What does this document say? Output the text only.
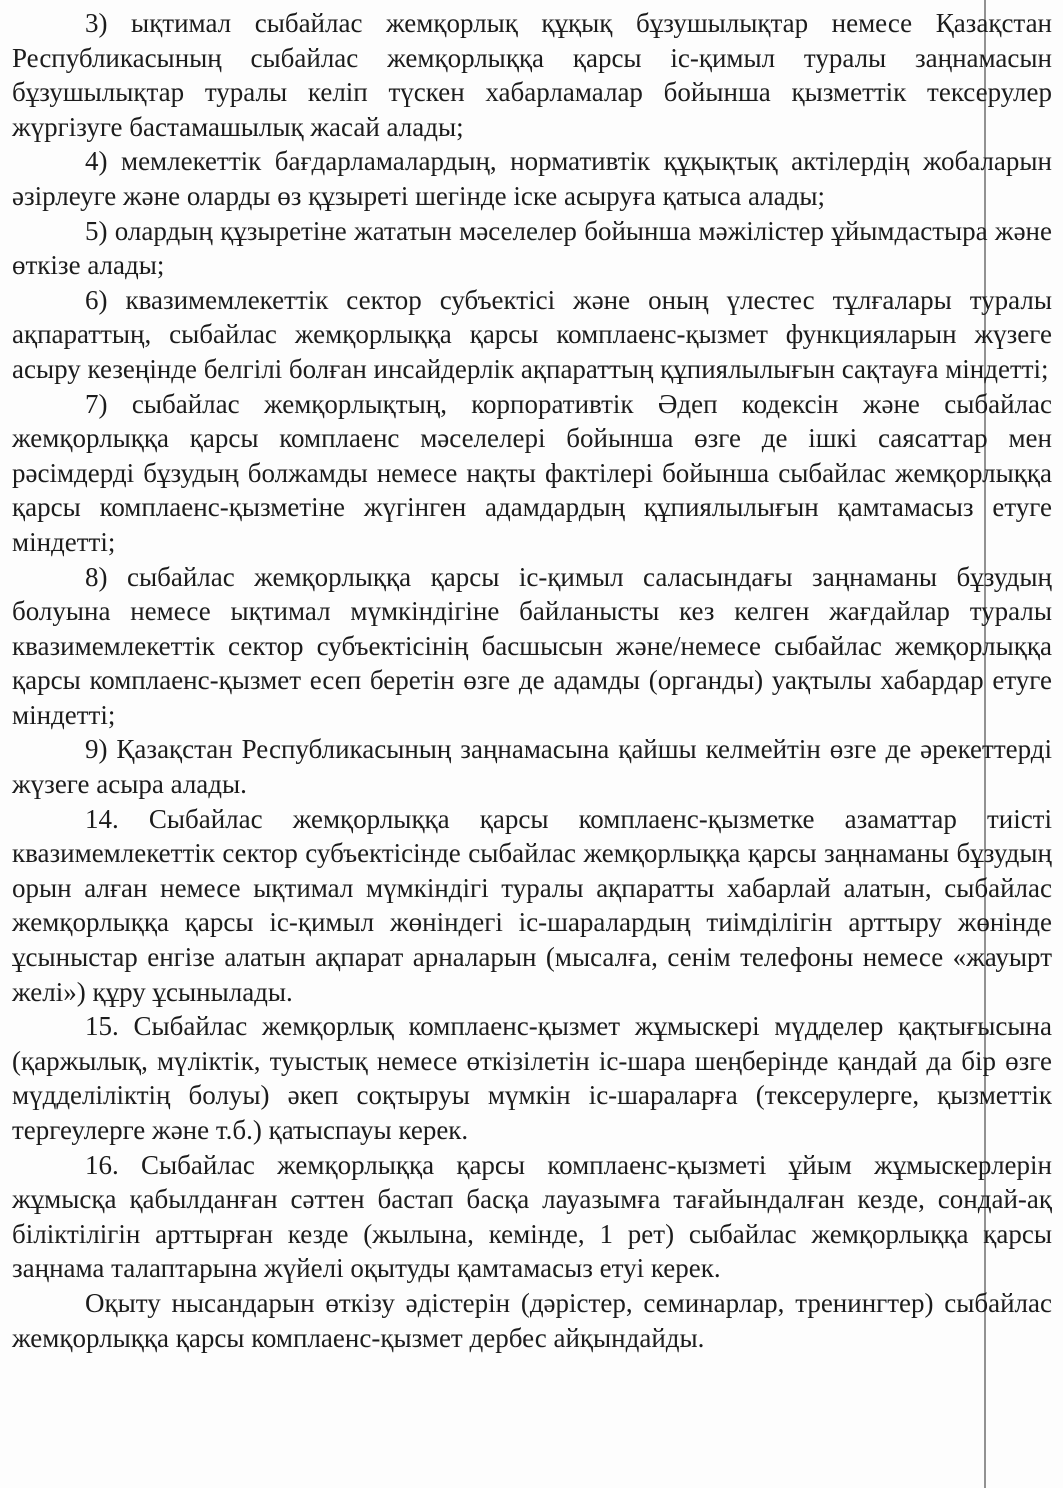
3) ықтимал сыбайлас жемқорлық құқық бұзушылықтар немесе Қазақстан Республикасының сыбайлас жемқорлыққа қарсы іс-қимыл туралы заңнамасын бұзушылықтар туралы келіп түскен хабарламалар бойынша қызметтік тексерулер жүргізуге бастамашылық жасай алады;

4) мемлекеттік бағдарламалардың, нормативтік құқықтық актілердің жобаларын әзірлеуге және оларды өз құзыреті шегінде іске асыруға қатыса алады;

5) олардың құзыретіне жататын мәселелер бойынша мәжілістер ұйымдастыра және өткізе алады;

6) квазимемлекеттік сектор субъектісі және оның үлестес тұлғалары туралы ақпараттың, сыбайлас жемқорлыққа қарсы комплаенс-қызмет функцияларын жүзеге асыру кезеңінде белгілі болған инсайдерлік ақпараттың құпиялылығын сақтауға міндетті;

7) сыбайлас жемқорлықтың, корпоративтік Әдеп кодексін және сыбайлас жемқорлыққа қарсы комплаенс мәселелері бойынша өзге де ішкі саясаттар мен рәсімдерді бұзудың болжамды немесе нақты фактілері бойынша сыбайлас жемқорлыққа қарсы комплаенс-қызметіне жүгінген адамдардың құпиялылығын қамтамасыз етуге міндетті;

8) сыбайлас жемқорлыққа қарсы іс-қимыл саласындағы заңнаманы бұзудың болуына немесе ықтимал мүмкіндігіне байланысты кез келген жағдайлар туралы квазимемлекеттік сектор субъектісінің басшысын және/немесе сыбайлас жемқорлыққа қарсы комплаенс-қызмет есеп беретін өзге де адамды (органды) уақтылы хабардар етуге міндетті;

9) Қазақстан Республикасының заңнамасына қайшы келмейтін өзге де әрекеттерді жүзеге асыра алады.

14. Сыбайлас жемқорлыққа қарсы комплаенс-қызметке азаматтар тиісті квазимемлекеттік сектор субъектісінде сыбайлас жемқорлыққа қарсы заңнаманы бұзудың орын алған немесе ықтимал мүмкіндігі туралы ақпаратты хабарлай алатын, сыбайлас жемқорлыққа қарсы іс-қимыл жөніндегі іс-шаралардың тиімділігін арттыру жөнінде ұсыныстар енгізе алатын ақпарат арналарын (мысалға, сенім телефоны немесе «жауырт желі») құру ұсынылады.

15. Сыбайлас жемқорлық комплаенс-қызмет жұмыскері мүдделер қақтығысына (қаржылық, мүліктік, туыстық немесе өткізілетін іс-шара шеңберінде қандай да бір өзге мүдделіліктің болуы) әкеп соқтыруы мүмкін іс-шараларға (тексерулерге, қызметтік тергеулерге және т.б.) қатыспауы керек.

16. Сыбайлас жемқорлыққа қарсы комплаенс-қызметі ұйым жұмыскерлерін жұмысқа қабылданған сәттен бастап басқа лауазымға тағайындалған кезде, сондай-ақ біліктілігін арттырған кезде (жылына, кемінде, 1 рет) сыбайлас жемқорлыққа қарсы заңнама талаптарына жүйелі оқытуды қамтамасыз етуі керек.

Оқыту нысандарын өткізу әдістерін (дәрістер, семинарлар, тренингтер) сыбайлас жемқорлыққа қарсы комплаенс-қызмет дербес айқындайды.
